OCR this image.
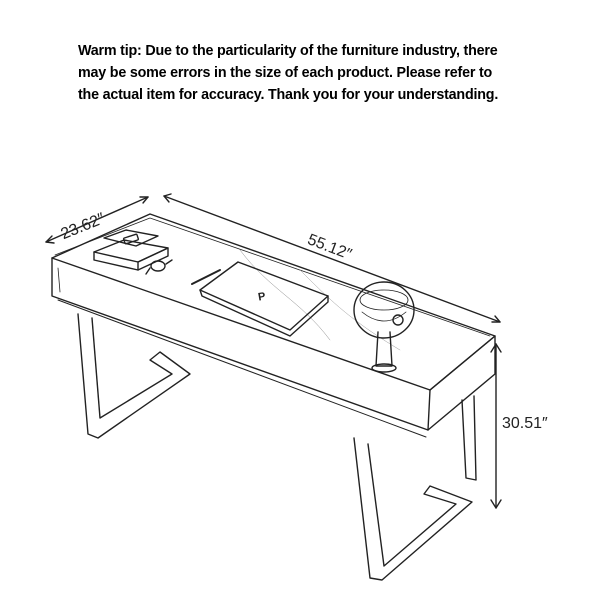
Warm tip: Due to the particularity of the furniture industry, there
may be some errors in the size of each product. Please refer to
the actual item for accuracy. Thank you for your understanding.
23.62″
55.12″
30.51″
P
